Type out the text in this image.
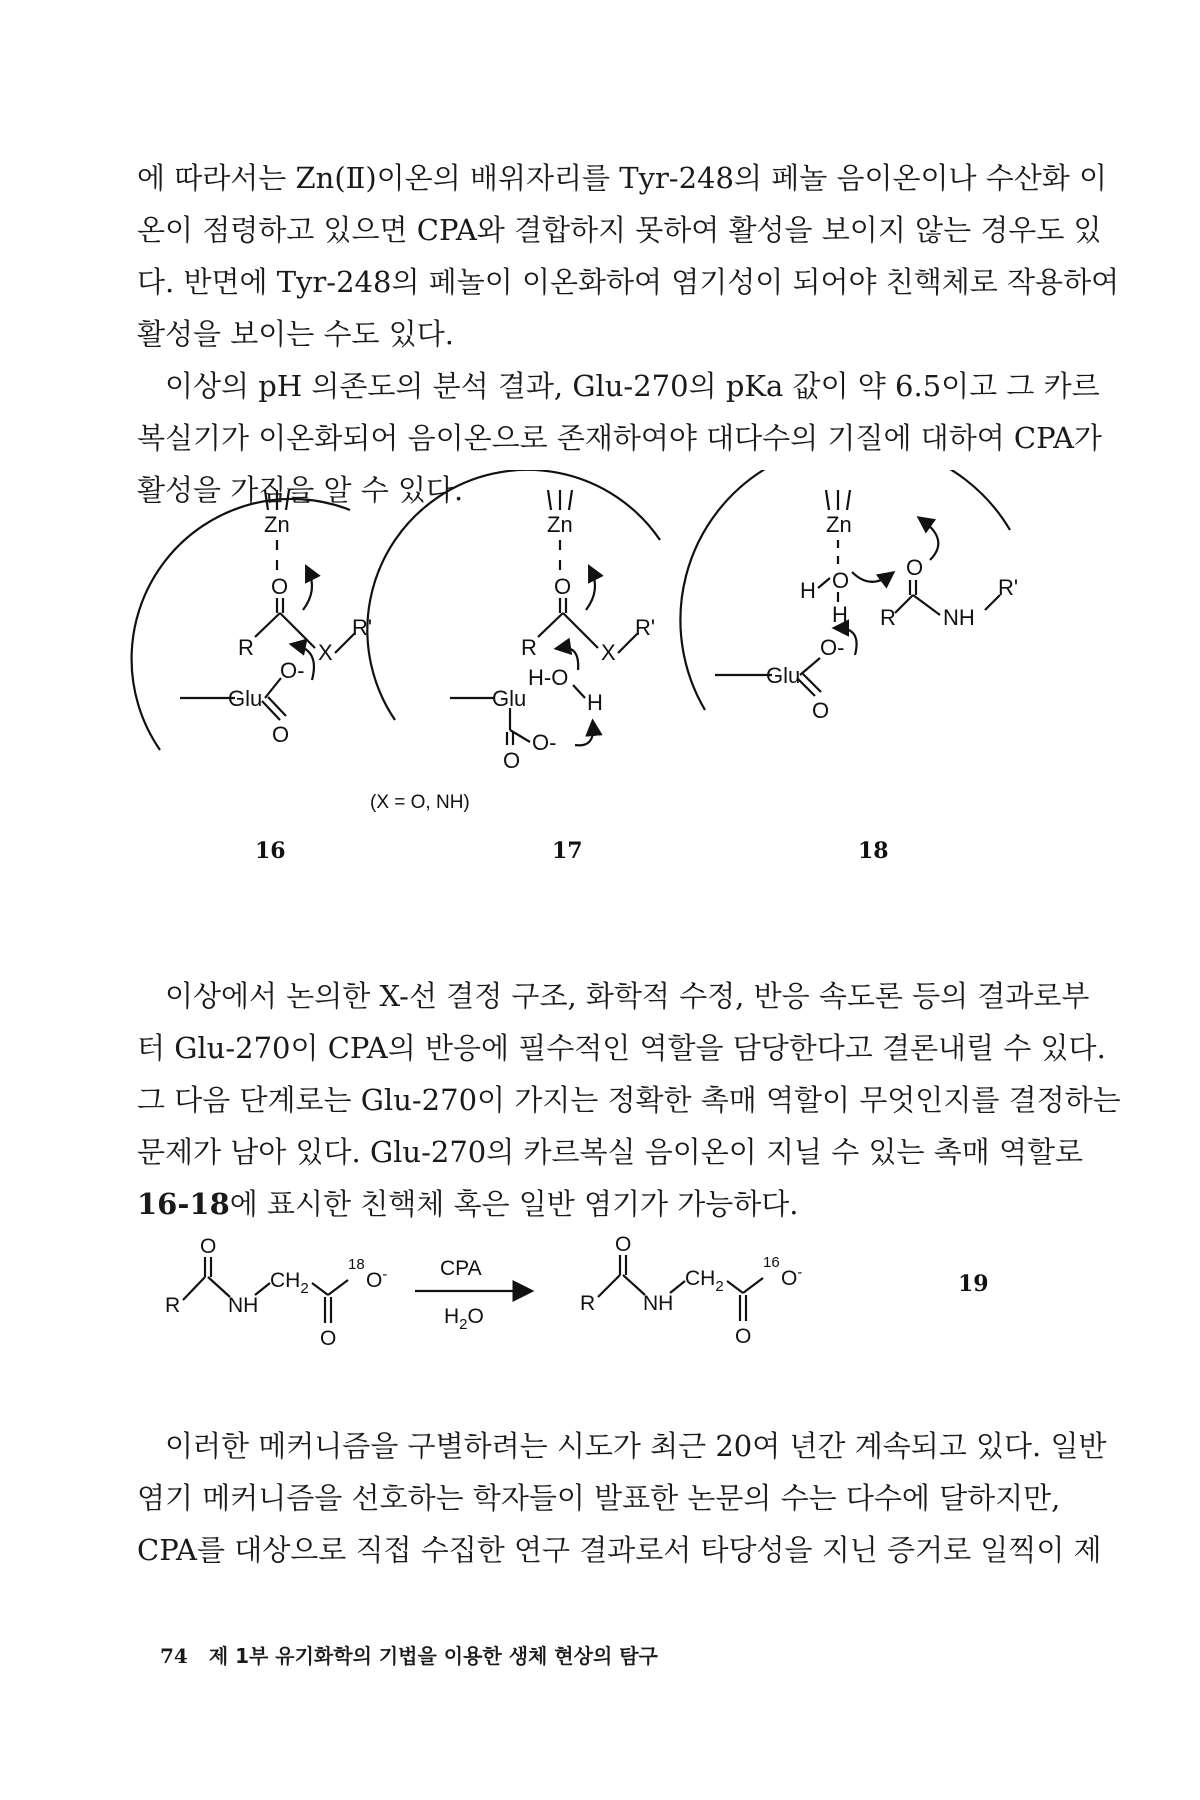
에 따라서는 Zn(Ⅱ)이온의 배위자리를 Tyr-248의 페놀 음이온이나 수산화 이
온이 점령하고 있으면 CPA와 결합하지 못하여 활성을 보이지 않는 경우도 있
다. 반면에 Tyr-248의 페놀이 이온화하여 염기성이 되어야 친핵체로 작용하여
활성을 보이는 수도 있다.
이상의 pH 의존도의 분석 결과, Glu-270의 pKa 값이 약 6.5이고 그 카르
복실기가 이온화되어 음이온으로 존재하여야 대다수의 기질에 대하여 CPA가
활성을 가짐을 알 수 있다.
Zn
O
R	X
R'
O-
Glu
O
Zn
O
R	X
R'
H-O
H
Glu
O-
O
Zn
O
H
H
O
R NH
R'
O-
Glu
O
(X = O, NH)
16	17	18
이상에서 논의한 X-선 결정 구조, 화학적 수정, 반응 속도론 등의 결과로부
터 Glu-270이 CPA의 반응에 필수적인 역할을 담당한다고 결론내릴 수 있다.
그 다음 단계로는 Glu-270이 가지는 정확한 촉매 역할이 무엇인지를 결정하는
문제가 남아 있다. Glu-270의 카르복실 음이온이 지닐 수 있는 촉매 역할로
16-18에 표시한 친핵체 혹은 일반 염기가 가능하다.
O
R NH
$CH_2$
18
O-
O
CPA
$H_2O$
O
R NH
$CH_2$
16
O-
O
19
이러한 메커니즘을 구별하려는 시도가 최근 20여 년간 계속되고 있다. 일반
염기 메커니즘을 선호하는 학자들이 발표한 논문의 수는 다수에 달하지만,
CPA를 대상으로 직접 수집한 연구 결과로서 타당성을 지닌 증거로 일찍이 제
74 제 1부 유기화학의 기법을 이용한 생체 현상의 탐구
